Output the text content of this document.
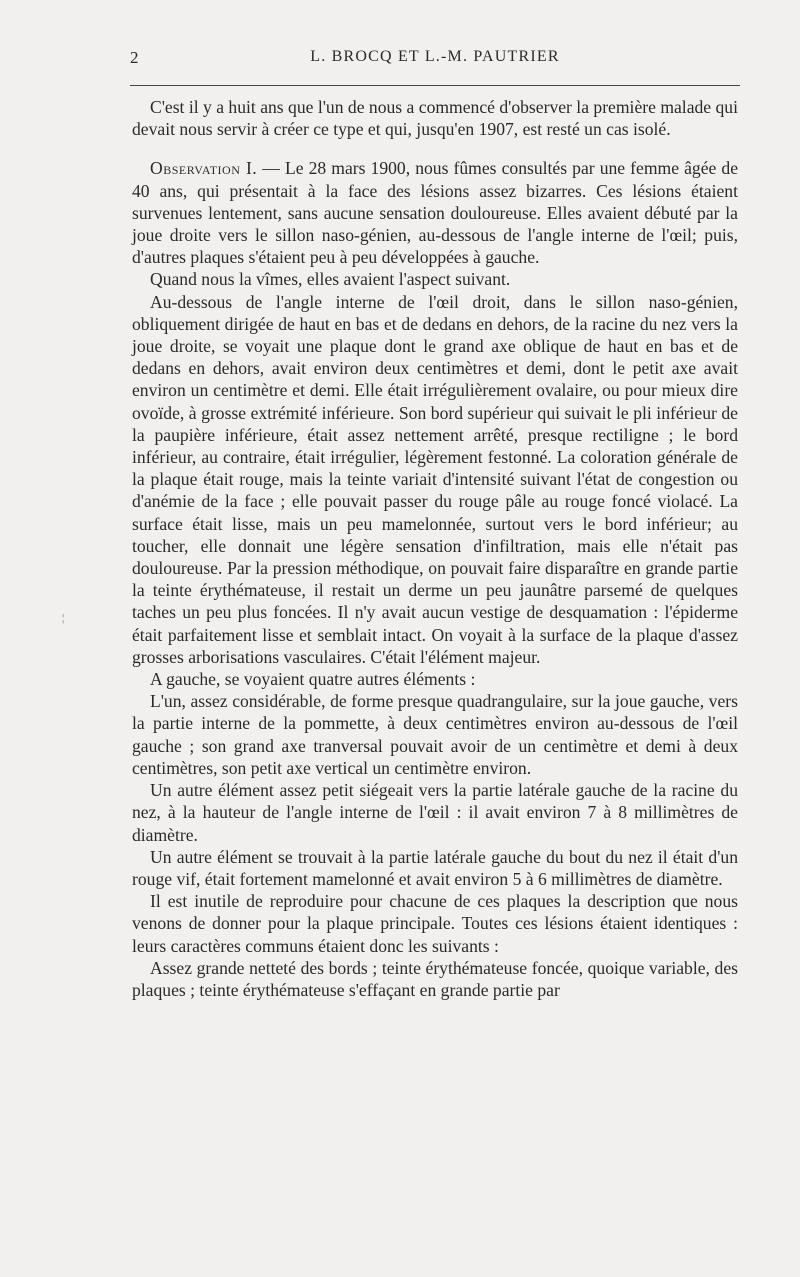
2	L. BROCQ ET L.-M. PAUTRIER
¦

C'est il y a huit ans que l'un de nous a commencé d'observer la première malade qui devait nous servir à créer ce type et qui, jusqu'en 1907, est resté un cas isolé.

Observation I. — Le 28 mars 1900, nous fûmes consultés par une femme âgée de 40 ans, qui présentait à la face des lésions assez bizarres. Ces lésions étaient survenues lentement, sans aucune sensation douloureuse. Elles avaient débuté par la joue droite vers le sillon naso-génien, au-dessous de l'angle interne de l'œil; puis, d'autres plaques s'étaient peu à peu développées à gauche.

Quand nous la vîmes, elles avaient l'aspect suivant.

Au-dessous de l'angle interne de l'œil droit, dans le sillon naso-génien, obliquement dirigée de haut en bas et de dedans en dehors, de la racine du nez vers la joue droite, se voyait une plaque dont le grand axe oblique de haut en bas et de dedans en dehors, avait environ deux centimètres et demi, dont le petit axe avait environ un centimètre et demi. Elle était irrégulièrement ovalaire, ou pour mieux dire ovoïde, à grosse extrémité inférieure. Son bord supérieur qui suivait le pli inférieur de la paupière inférieure, était assez nettement arrêté, presque rectiligne ; le bord inférieur, au contraire, était irrégulier, légèrement festonné. La coloration générale de la plaque était rouge, mais la teinte variait d'intensité suivant l'état de congestion ou d'anémie de la face ; elle pouvait passer du rouge pâle au rouge foncé violacé. La surface était lisse, mais un peu mamelonnée, surtout vers le bord inférieur; au toucher, elle donnait une légère sensation d'infiltration, mais elle n'était pas douloureuse. Par la pression méthodique, on pouvait faire disparaître en grande partie la teinte érythémateuse, il restait un derme un peu jaunâtre parsemé de quelques taches un peu plus foncées. Il n'y avait aucun vestige de desquamation : l'épiderme était parfaitement lisse et semblait intact. On voyait à la surface de la plaque d'assez grosses arborisations vasculaires. C'était l'élément majeur.

A gauche, se voyaient quatre autres éléments :

L'un, assez considérable, de forme presque quadrangulaire, sur la joue gauche, vers la partie interne de la pommette, à deux centimètres environ au-dessous de l'œil gauche ; son grand axe tranversal pouvait avoir de un centimètre et demi à deux centimètres, son petit axe vertical un centimètre environ.

Un autre élément assez petit siégeait vers la partie latérale gauche de la racine du nez, à la hauteur de l'angle interne de l'œil : il avait environ 7 à 8 millimètres de diamètre.

Un autre élément se trouvait à la partie latérale gauche du bout du nez il était d'un rouge vif, était fortement mamelonné et avait environ 5 à 6 millimètres de diamètre.

Il est inutile de reproduire pour chacune de ces plaques la description que nous venons de donner pour la plaque principale. Toutes ces lésions étaient identiques : leurs caractères communs étaient donc les suivants :

Assez grande netteté des bords ; teinte érythémateuse foncée, quoique variable, des plaques ; teinte érythémateuse s'effaçant en grande partie par
